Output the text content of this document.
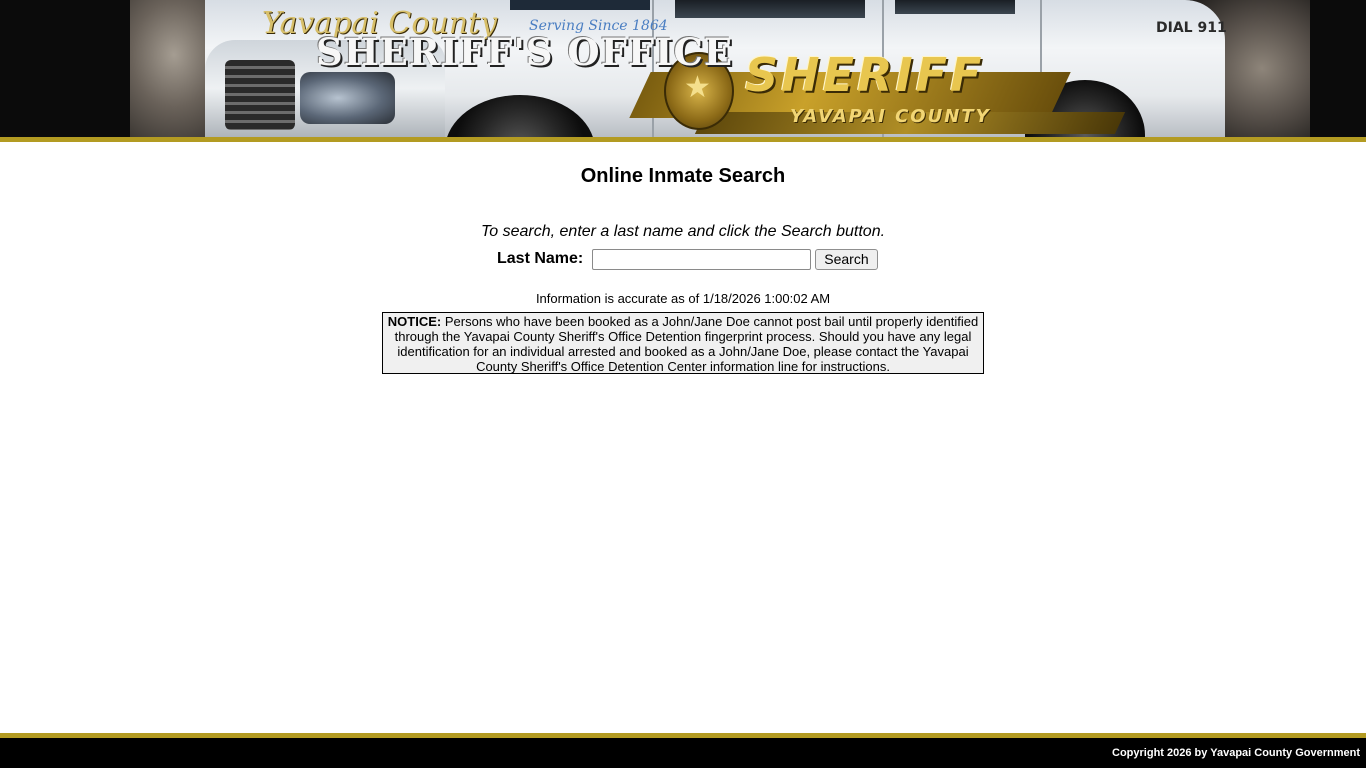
★ SHERIFF
YAVAPAI COUNTY
DIAL 911
Yavapai County
SHERIFF'S OFFICE
Serving Since 1864
Online Inmate Search

To search, enter a last name and click the Search button.

Last Name:	Search

Information is accurate as of 1/18/2026 1:00:02 AM

NOTICE: Persons who have been booked as a John/Jane Doe cannot post bail until properly identified through the Yavapai County Sheriff's Office Detention fingerprint process. Should you have any legal identification for an individual arrested and booked as a John/Jane Doe, please contact the Yavapai County Sheriff's Office Detention Center information line for instructions.
Copyright 2026 by Yavapai County Government
